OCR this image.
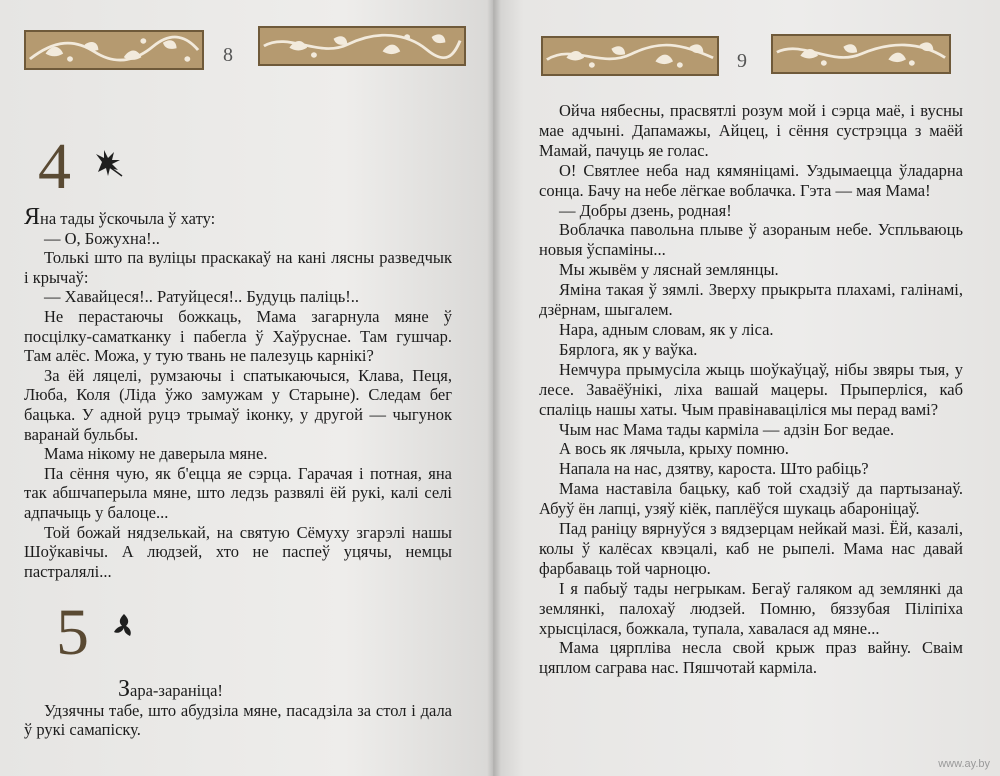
8
4

Яна тады ўскочыла ў хату:

— О, Божухна!..

Толькі што па вуліцы праскакаў на кані лясны разведчык і крычаў:

— Хавайцеся!.. Ратуйцеся!.. Будуць паліць!..

Не перастаючы божкаць, Мама загарнула мяне ў посцілку-саматканку і пабегла ў Хаўруснае. Там гушчар. Там алёс. Можа, у тую твань не палезуць карнікі?

За ёй ляцелі, румзаючы і спатыкаючыся, Клава, Пеця, Люба, Коля (Ліда ўжо замужам у Старыне). Следам бег бацька. У адной руцэ трымаў іконку, у другой — чыгунок варанай бульбы.

Мама нікому не даверыла мяне.

Па сёння чую, як б'ецца яе сэрца. Гарачая і потная, яна так абшчаперыла мяне, што ледзь развялі ёй рукі, калі селі адпачыць у балоце...

Той божай нядзелькай, на святую Сёмуху згарэлі нашы Шоўкавічы. А людзей, хто не паспеў уцячы, немцы пастралялі...

5

Зара-заранiца!

Удзячны табе, што абудзіла мяне, пасадзіла за стол і дала ў рукі самапіску.

9

Ойча нябесны, прасвятлі розум мой і сэрца маё, і вусны мае адчыні. Дапамажы, Айцец, і сёння сустрэцца з маёй Мамай, пачуць яе голас.

О! Святлее неба над кямяніцамі. Уздымаецца ўладарна сонца. Бачу на небе лёгкае воблачка. Гэта — мая Мама!

— Добры дзень, родная!

Воблачка павольна плыве ў азораным небе. Успльваюць новыя ўспаміны...

Мы жывём у ляснай землянцы.

Яміна такая ў зямлі. Зверху прыкрыта плахамі, галінамі, дзёрнам, шыгалем.

Нара, адным словам, як у ліса.

Бярлога, як у ваўка.

Немчура прымусіла жыць шоўкаўцаў, нібы звяры тыя, у лесе. Заваёўнікі, ліха вашай мацеры. Прыперліся, каб спаліць нашы хаты. Чым правінаваціліся мы перад вамі?

Чым нас Мама тады карміла — адзін Бог ведае.

А вось як лячыла, крыху помню.

Напала на нас, дзятву, кароста. Што рабіць?

Мама наставіла бацьку, каб той схадзіў да партызанаў. Абуў ён лапці, узяў кіёк, паплёўся шукаць абароніцаў.

Пад раніцу вярнуўся з вядзерцам нейкай мазі. Ёй, казалі, колы ў калёсах квэцалі, каб не рыпелі. Мама нас давай фарбаваць той чарноцю.

І я пабыў тады негрыкам. Бегаў галяком ад землянкі да землянкі, палохаў людзей. Помню, бяззубая Піліпіха хрысцілася, божкала, тупала, хавалася ад мяне...

Мама цярпліва несла свой крыж праз вайну. Сваім цяплом саграва нас. Пяшчотай карміла.

www.ay.by
